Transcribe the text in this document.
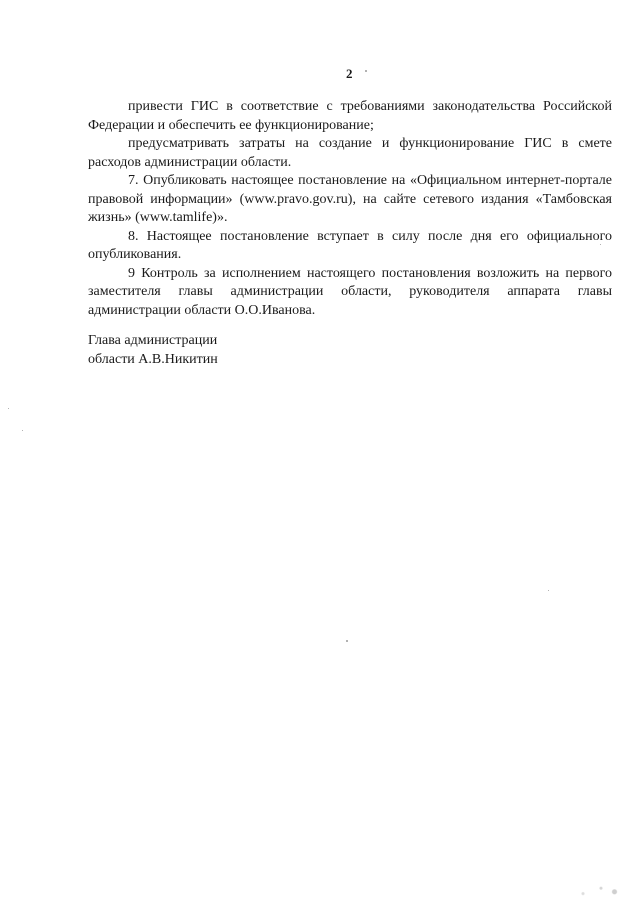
2

привести ГИС в соответствие с требованиями законодательства Российской Федерации и обеспечить ее функционирование;

предусматривать затраты на создание и функционирование ГИС в смете расходов администрации области.

7. Опубликовать настоящее постановление на «Официальном интернет-портале правовой информации» (www.pravo.gov.ru), на сайте сетевого издания «Тамбовская жизнь» (www.tamlife)».

8. Настоящее постановление вступает в силу после дня его официального опубликования.

9 Контроль за исполнением настоящего постановления возложить на первого заместителя главы администрации области, руководителя аппарата главы администрации области О.О.Иванова.

Глава администрации
области А.В.Никитин
